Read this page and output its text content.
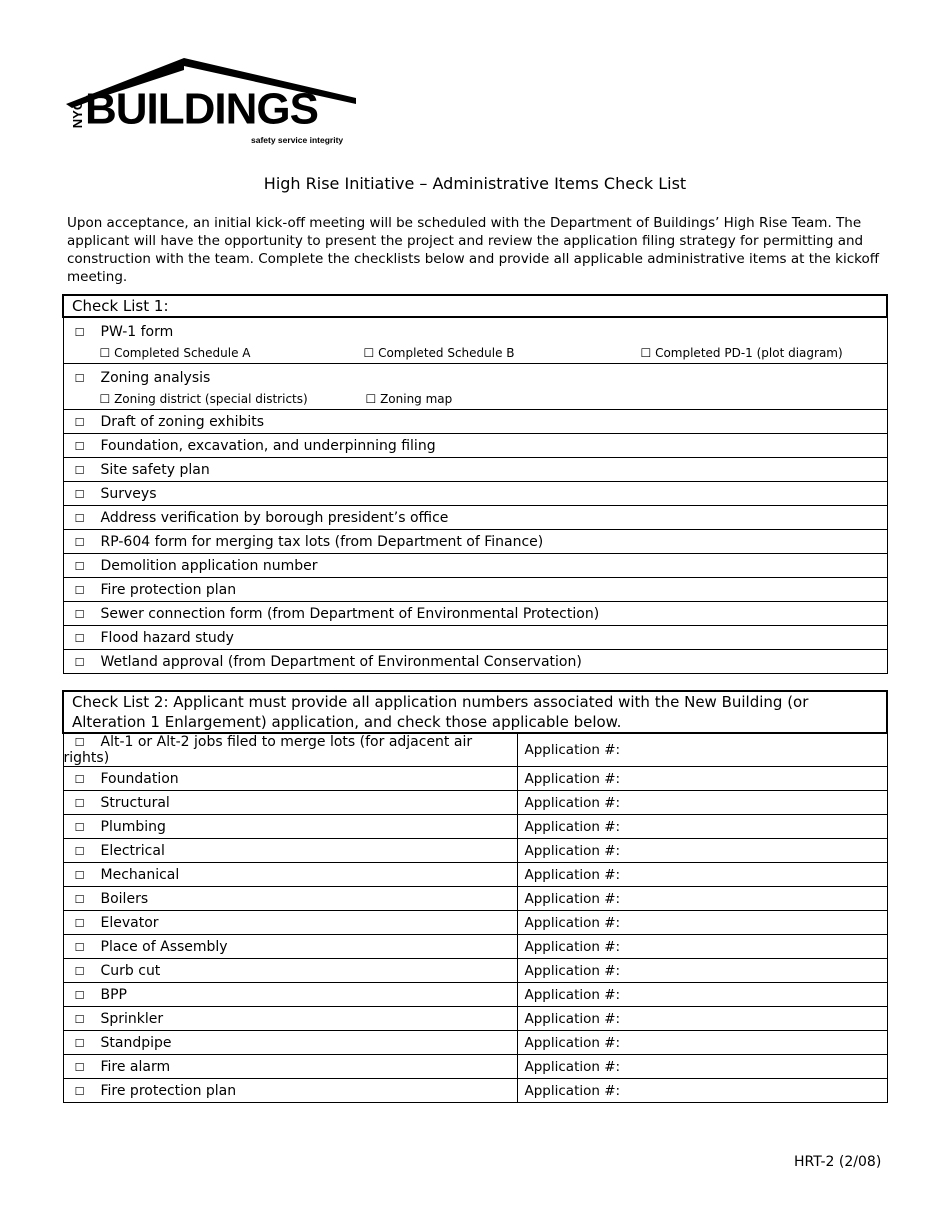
NYC BUILDINGS
safety service integrity
High Rise Initiative – Administrative Items Check List
Upon acceptance, an initial kick-off meeting will be scheduled with the Department of Buildings’ High Rise Team. The applicant will have the opportunity to present the project and review the application filing strategy for permitting and construction with the team. Complete the checklists below and provide all applicable administrative items at the kickoff meeting.
Check List 1:

☐ PW-1 form
☐ Completed Schedule A	☐ Completed Schedule B	☐ Completed PD-1 (plot diagram)

☐ Zoning analysis
☐ Zoning district (special districts)	☐ Zoning map

☐ Draft of zoning exhibits
☐ Foundation, excavation, and underpinning filing
☐ Site safety plan
☐ Surveys
☐ Address verification by borough president’s office
☐ RP-604 form for merging tax lots (from Department of Finance)
☐ Demolition application number
☐ Fire protection plan
☐ Sewer connection form (from Department of Environmental Protection)
☐ Flood hazard study
☐ Wetland approval (from Department of Environmental Conservation)
Check List 2: Applicant must provide all application numbers associated with the New Building (or
Alteration 1 Enlargement) application, and check those applicable below.	

☐ Alt-1 or Alt-2 jobs filed to merge lots (for adjacent air rights)	Application #:
☐ Foundation	Application #:
☐ Structural	Application #:
☐ Plumbing	Application #:
☐ Electrical	Application #:
☐ Mechanical	Application #:
☐ Boilers	Application #:
☐ Elevator	Application #:
☐ Place of Assembly	Application #:
☐ Curb cut	Application #:
☐ BPP	Application #:
☐ Sprinkler	Application #:
☐ Standpipe	Application #:
☐ Fire alarm	Application #:
☐ Fire protection plan	Application #:
HRT-2 (2/08)
